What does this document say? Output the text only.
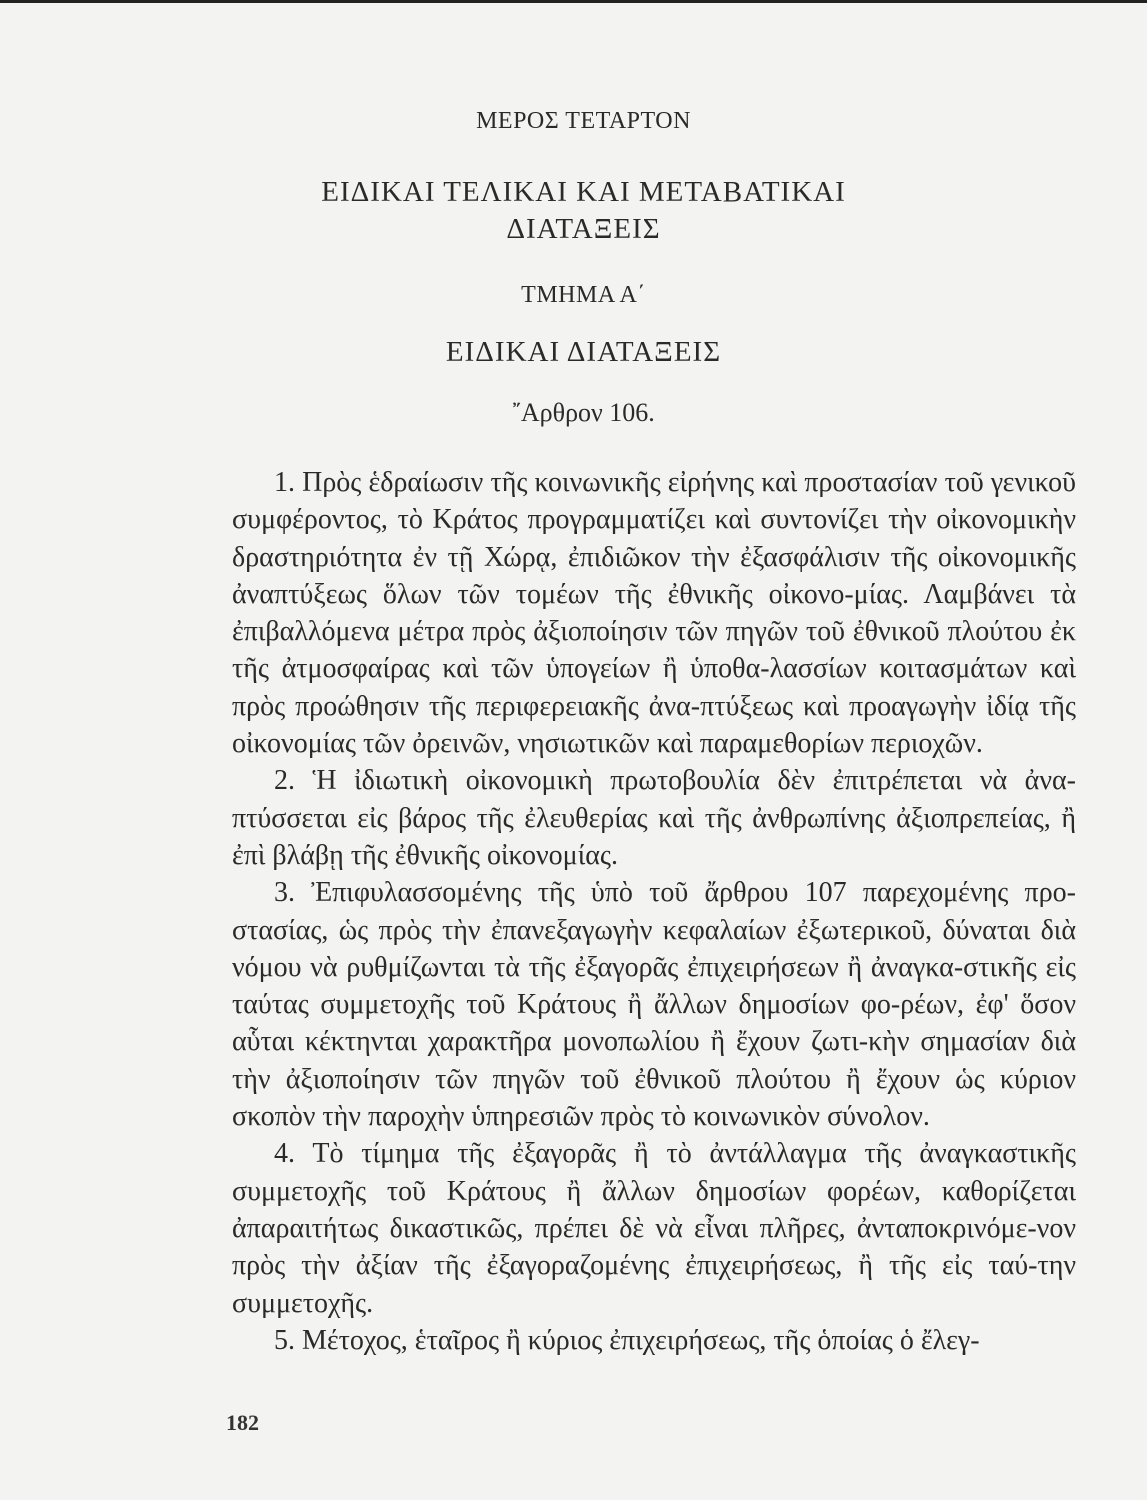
ΜΕΡΟΣ ΤΕΤΑΡΤΟΝ
ΕΙΔΙΚΑΙ ΤΕΛΙΚΑΙ ΚΑΙ ΜΕΤΑΒΑΤΙΚΑΙ
ΔΙΑΤΑΞΕΙΣ
ΤΜΗΜΑ Α΄
ΕΙΔΙΚΑΙ ΔΙΑΤΑΞΕΙΣ
῎Αρθρον 106.

1. Πρὸς ἑδραίωσιν τῆς κοινωνικῆς εἰρήνης καὶ προστασίαν τοῦ γενικοῦ συμφέροντος, τὸ Κράτος προγραμματίζει καὶ συντονίζει τὴν οἰκονομικὴν δραστηριότητα ἐν τῇ Χώρᾳ, ἐπιδιῶκον τὴν ἐξασφάλισιν τῆς οἰκονομικῆς ἀναπτύξεως ὅλων τῶν τομέων τῆς ἐθνικῆς οἰκονο-μίας. Λαμβάνει τὰ ἐπιβαλλόμενα μέτρα πρὸς ἀξιοποίησιν τῶν πηγῶν τοῦ ἐθνικοῦ πλούτου ἐκ τῆς ἀτμοσφαίρας καὶ τῶν ὑπογείων ἢ ὑποθα-λασσίων κοιτασμάτων καὶ πρὸς προώθησιν τῆς περιφερειακῆς ἀνα-πτύξεως καὶ προαγωγὴν ἰδίᾳ τῆς οἰκονομίας τῶν ὀρεινῶν, νησιωτικῶν καὶ παραμεθορίων περιοχῶν.

2. Ἡ ἰδιωτικὴ οἰκονομικὴ πρωτοβουλία δὲν ἐπιτρέπεται νὰ ἀνα-πτύσσεται εἰς βάρος τῆς ἐλευθερίας καὶ τῆς ἀνθρωπίνης ἀξιοπρεπείας, ἢ ἐπὶ βλάβῃ τῆς ἐθνικῆς οἰκονομίας.

3. Ἐπιφυλασσομένης τῆς ὑπὸ τοῦ ἄρθρου 107 παρεχομένης προ-στασίας, ὡς πρὸς τὴν ἐπανεξαγωγὴν κεφαλαίων ἐξωτερικοῦ, δύναται διὰ νόμου νὰ ρυθμίζωνται τὰ τῆς ἐξαγορᾶς ἐπιχειρήσεων ἢ ἀναγκα-στικῆς εἰς ταύτας συμμετοχῆς τοῦ Κράτους ἢ ἄλλων δημοσίων φο-ρέων, ἐφ' ὅσον αὗται κέκτηνται χαρακτῆρα μονοπωλίου ἢ ἔχουν ζωτι-κὴν σημασίαν διὰ τὴν ἀξιοποίησιν τῶν πηγῶν τοῦ ἐθνικοῦ πλούτου ἢ ἔχουν ὡς κύριον σκοπὸν τὴν παροχὴν ὑπηρεσιῶν πρὸς τὸ κοινωνικὸν σύνολον.

4. Τὸ τίμημα τῆς ἐξαγορᾶς ἢ τὸ ἀντάλλαγμα τῆς ἀναγκαστικῆς συμμετοχῆς τοῦ Κράτους ἢ ἄλλων δημοσίων φορέων, καθορίζεται ἀπαραιτήτως δικαστικῶς, πρέπει δὲ νὰ εἶναι πλῆρες, ἀνταποκρινόμε-νον πρὸς τὴν ἀξίαν τῆς ἐξαγοραζομένης ἐπιχειρήσεως, ἢ τῆς εἰς ταύ-την συμμετοχῆς.

5. Μέτοχος, ἑταῖρος ἢ κύριος ἐπιχειρήσεως, τῆς ὁποίας ὁ ἔλεγ-

182
